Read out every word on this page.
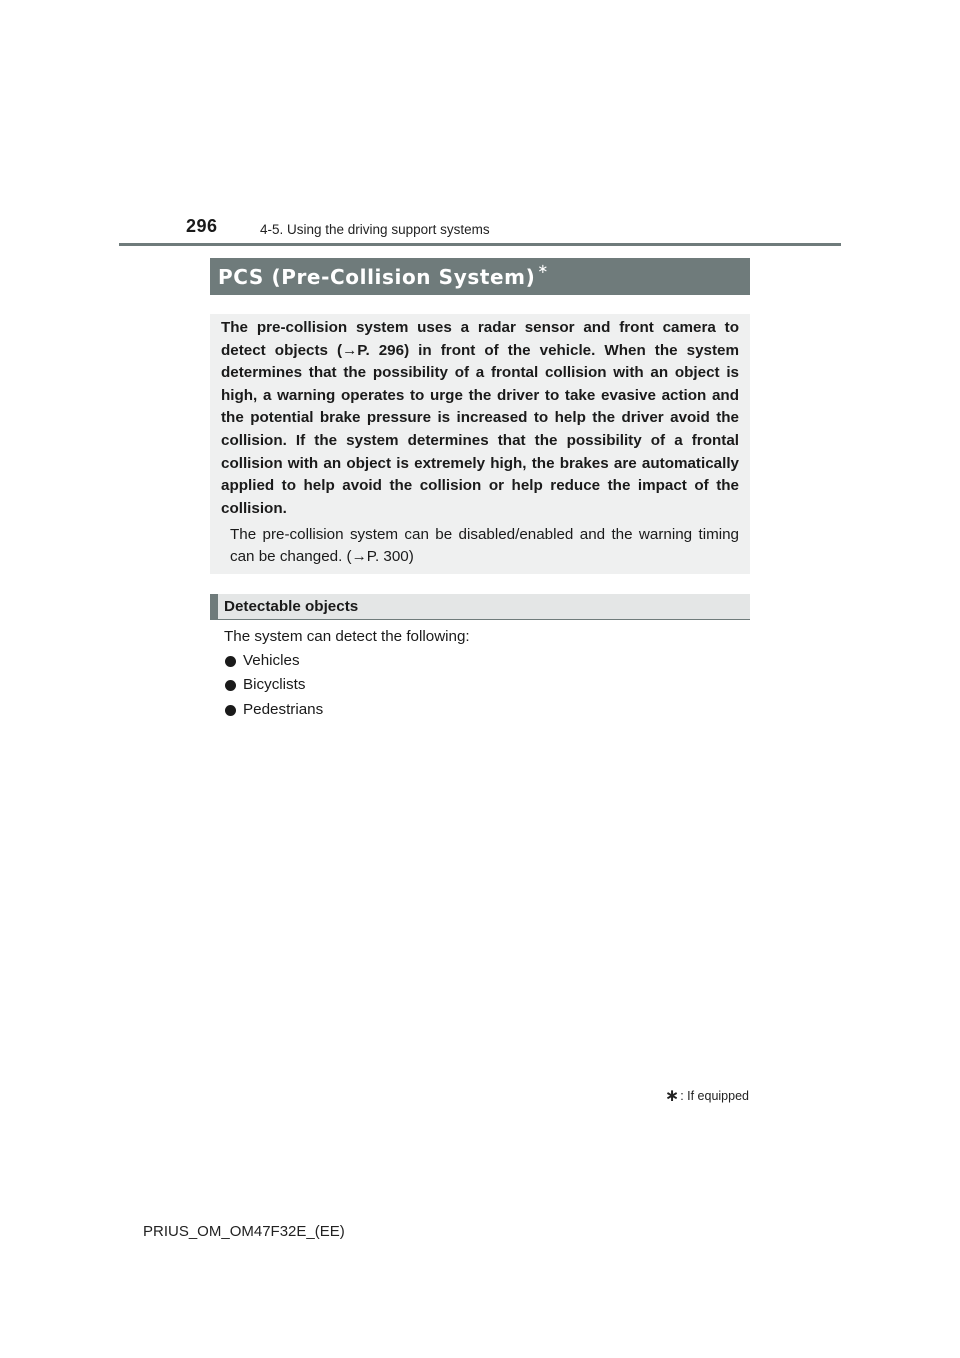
296	4-5. Using the driving support systems
PCS (Pre-Collision System) ∗

The pre-collision system uses a radar sensor and front camera to detect objects (→P. 296) in front of the vehicle. When the system determines that the possibility of a frontal collision with an object is high, a warning operates to urge the driver to take evasive action and the potential brake pressure is increased to help the driver avoid the collision. If the system determines that the possibility of a frontal collision with an object is extremely high, the brakes are automatically applied to help avoid the collision or help reduce the impact of the collision.

The pre-collision system can be disabled/enabled and the warning timing can be changed. (→P. 300)

Detectable objects
The system can detect the following:
Vehicles
Bicyclists
Pedestrians
∗ : If equipped
PRIUS_OM_OM47F32E_(EE)
